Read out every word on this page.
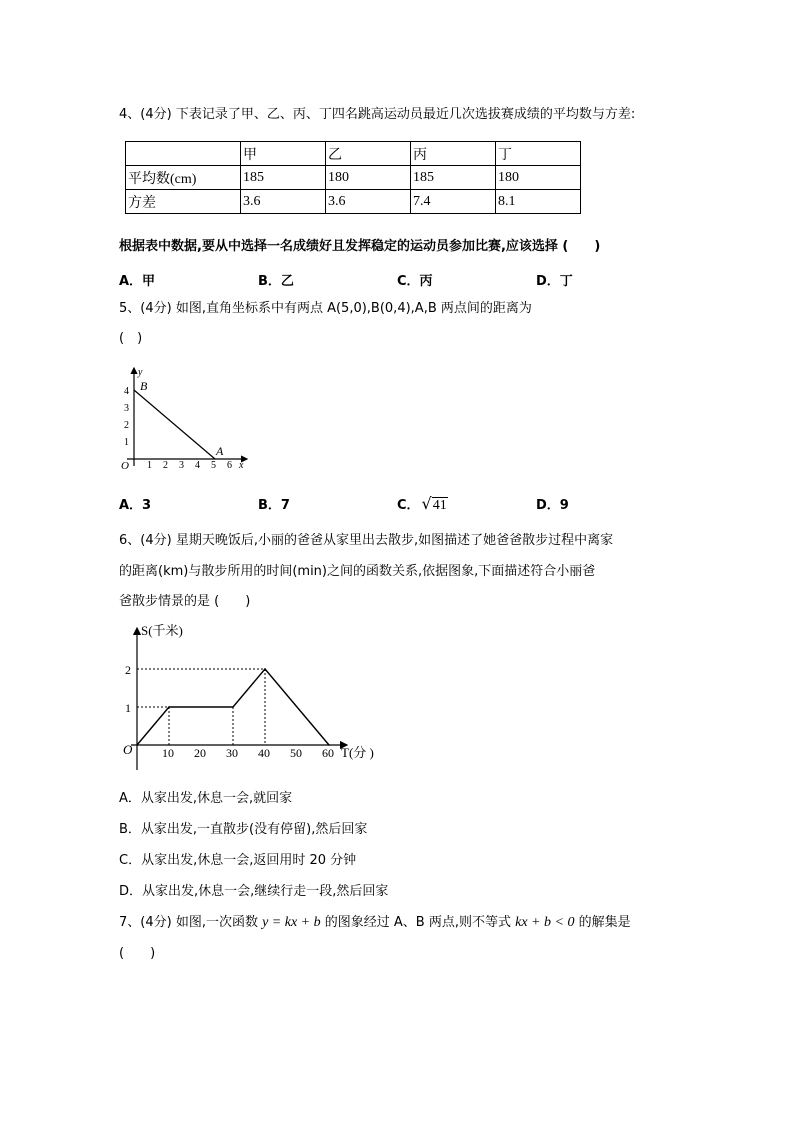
4、(4分) 下表记录了甲、乙、丙、丁四名跳高运动员最近几次选拔赛成绩的平均数与方差:
	甲	乙	丙	丁
平均数(cm)	185	180	185	180
方差	3.6	3.6	7.4	8.1
根据表中数据,要从中选择一名成绩好且发挥稳定的运动员参加比赛,应该选择 (　　)
A．甲	B．乙	C．丙	D．丁
5、(4分) 如图,直角坐标系中有两点 A(5,0),B(0,4),A,B 两点间的距离为
(　)
y
x
O
B
A
1
2
3
4
1 2 3 4 5 6
A．3	B．7	C． √41	D．9
6、(4分) 星期天晚饭后,小丽的爸爸从家里出去散步,如图描述了她爸爸散步过程中离家
的距离(km)与散步所用的时间(min)之间的函数关系,依据图象,下面描述符合小丽爸
爸散步情景的是 (　　)
S(千米)
T(分 )
O
1
2
10 20 30 40 50 60
A．从家出发,休息一会,就回家
B．从家出发,一直散步(没有停留),然后回家
C．从家出发,休息一会,返回用时 20 分钟
D．从家出发,休息一会,继续行走一段,然后回家
7、(4分) 如图,一次函数 y = kx + b 的图象经过 A、B 两点,则不等式 kx + b < 0 的解集是
(　　)
